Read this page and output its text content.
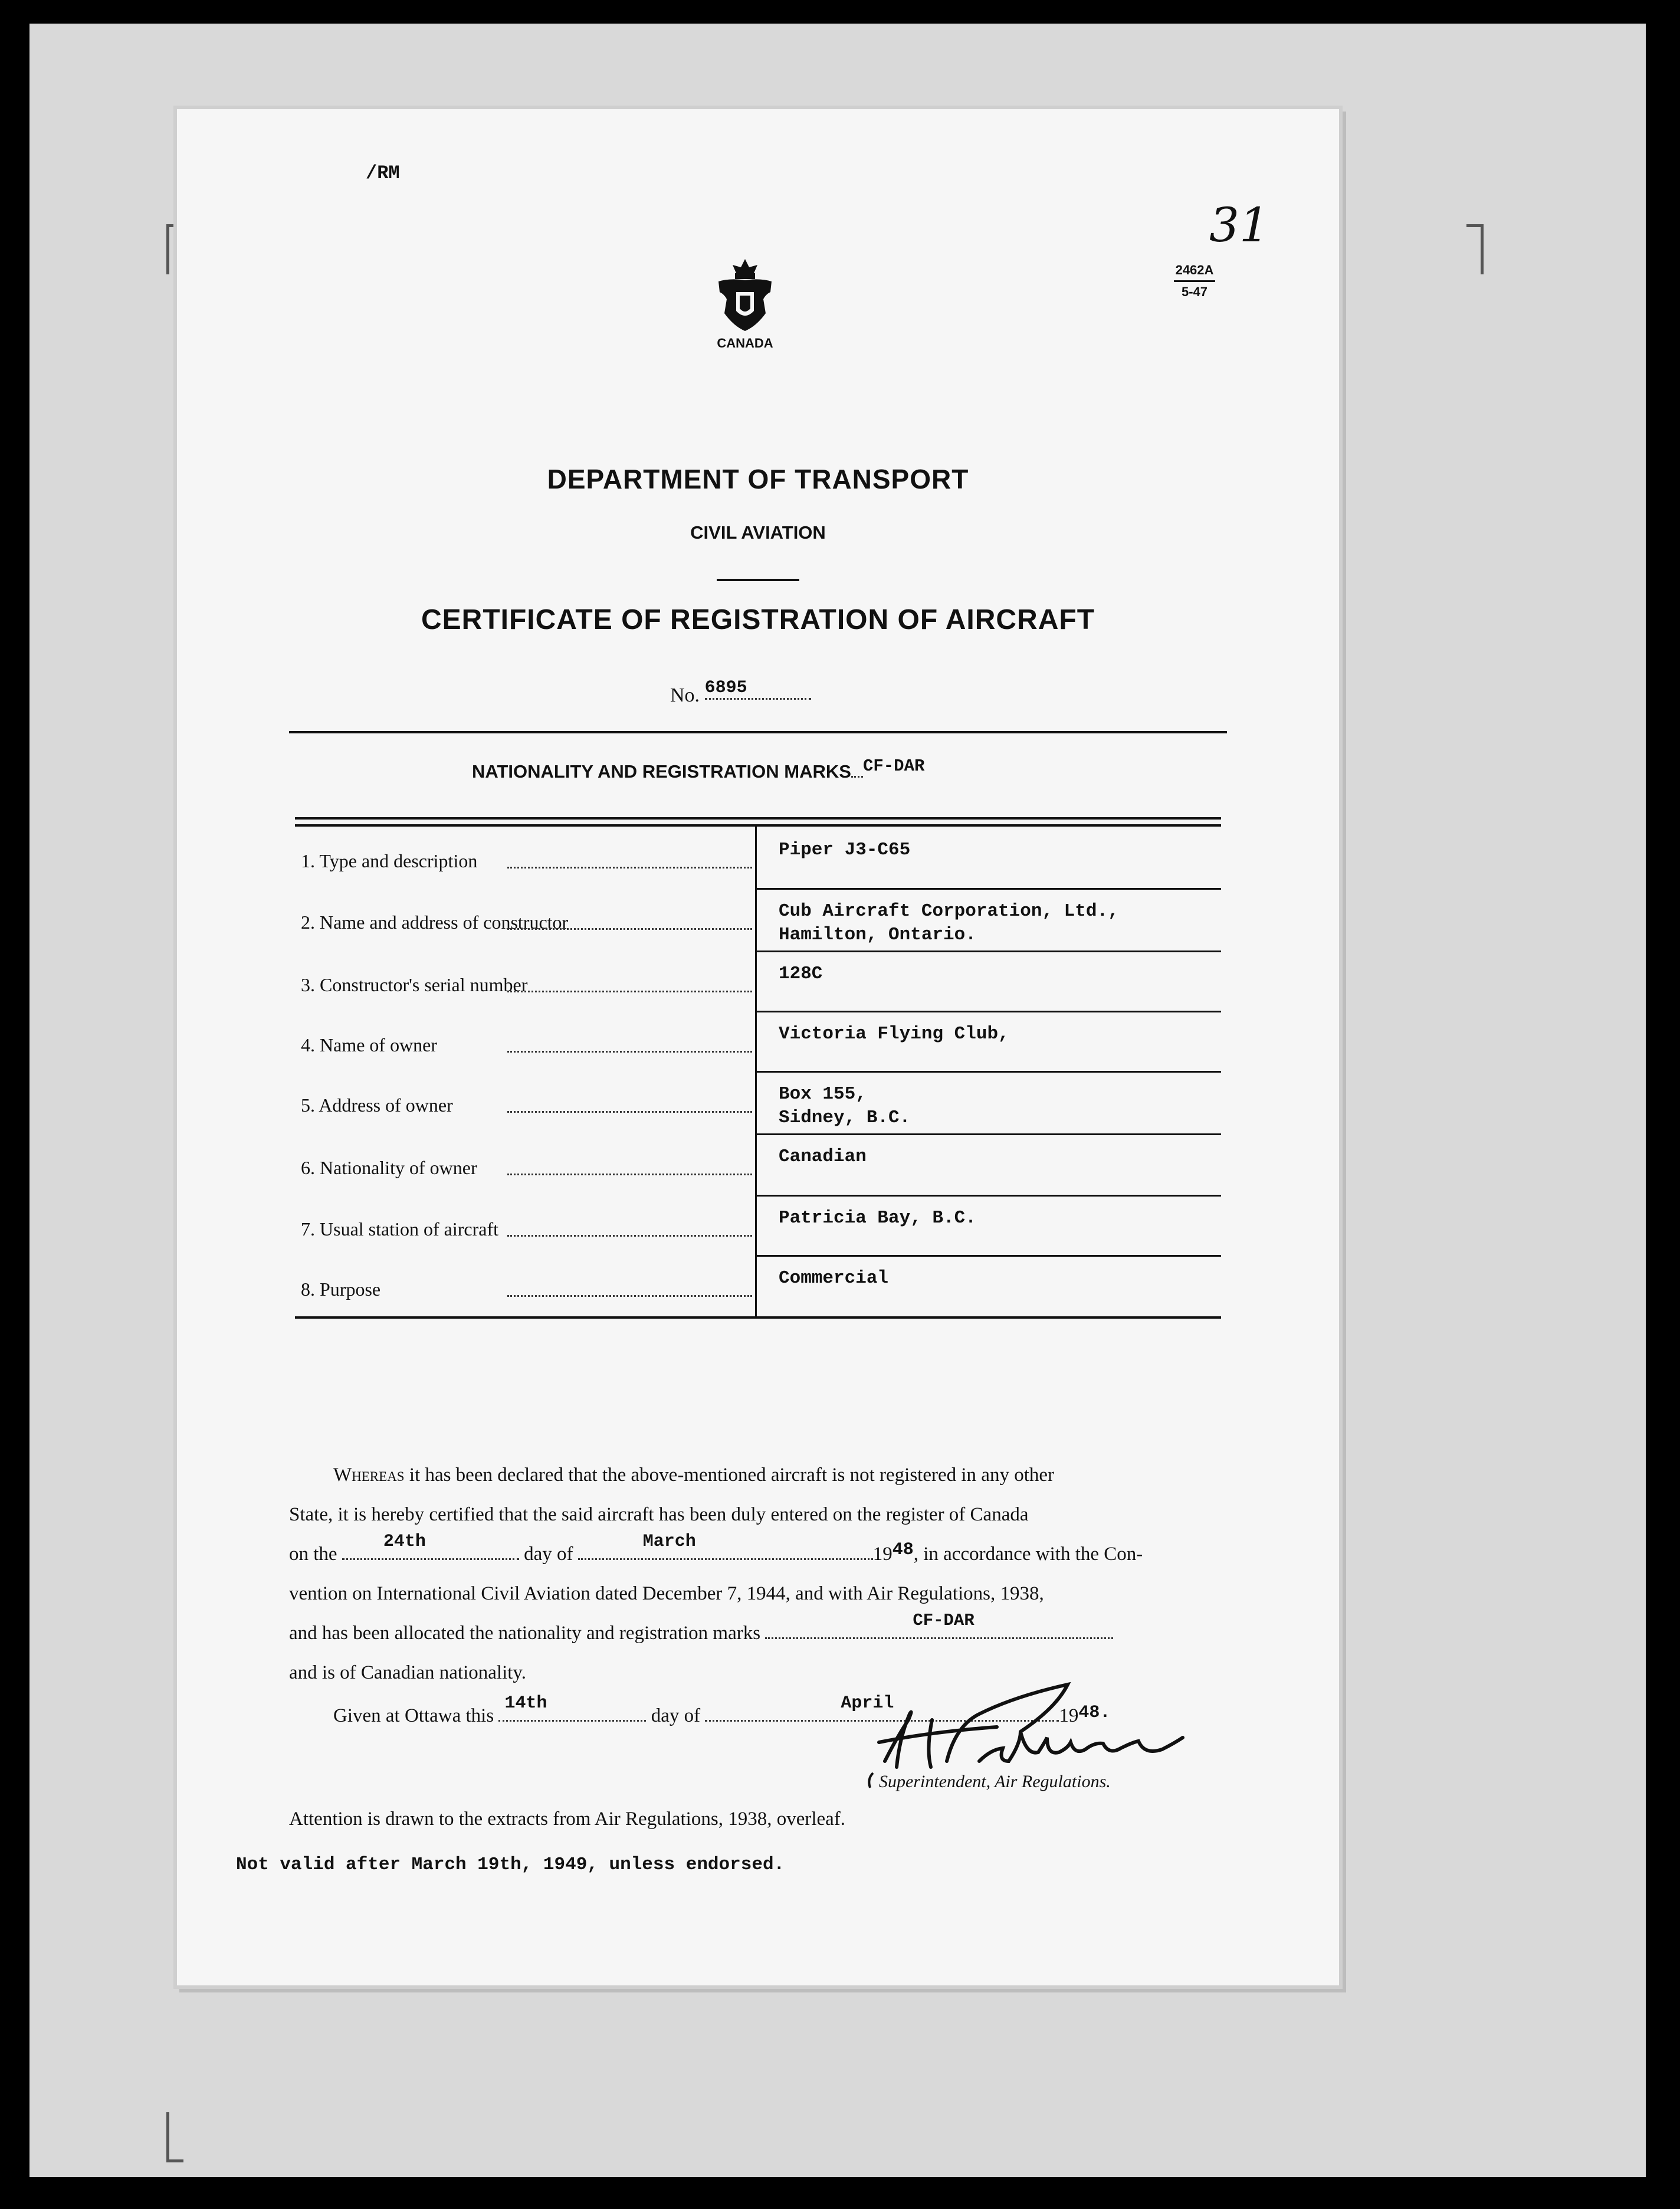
/RM
31
2462A
5-47
CANADA
DEPARTMENT OF TRANSPORT
CIVIL AVIATION
CERTIFICATE OF REGISTRATION OF AIRCRAFT
No. 6895
NATIONALITY AND REGISTRATION MARKS CF-DAR
1. Type and description
Piper J3-C65
2. Name and address of constructor
Cub Aircraft Corporation, Ltd.,
Hamilton, Ontario.
3. Constructor's serial number
128C
4. Name of owner
Victoria Flying Club,
5. Address of owner
Box 155,
Sidney, B.C.
6. Nationality of owner
Canadian
7. Usual station of aircraft
Patricia Bay, B.C.
8. Purpose
Commercial
Whereas it has been declared that the above-mentioned aircraft is not registered in any other
State, it is hereby certified that the said aircraft has been duly entered on the register of Canada
on the
24th
day of
March
1948, in accordance with the Con-
vention on International Civil Aviation dated December 7, 1944, and with Air Regulations, 1938,
and has been allocated the nationality and registration marks
CF-DAR
and is of Canadian nationality.
Given at Ottawa this
14th
day of
April
1948.
Superintendent, Air Regulations.
Attention is drawn to the extracts from Air Regulations, 1938, overleaf.
Not valid after March 19th, 1949, unless endorsed.
